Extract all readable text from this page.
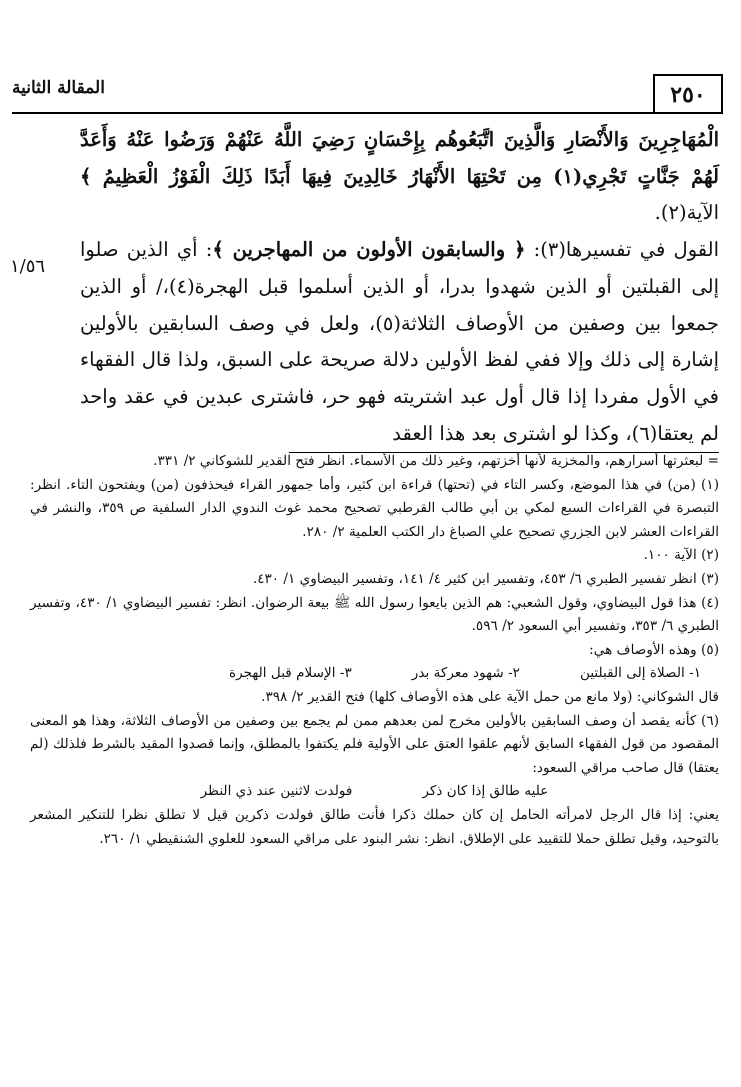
٢٥٠
المقالة الثانية
١/٥٦

الْمُهَاجِرِينَ وَالأَنْصَارِ وَالَّذِينَ اتَّبَعُوهُم بِإِحْسَانٍ رَضِيَ اللَّهُ عَنْهُمْ وَرَضُوا عَنْهُ وَأَعَدَّ لَهُمْ جَنَّاتٍ تَجْرِي(١) مِن تَحْتِهَا الأَنْهَارُ خَالِدِينَ فِيهَا أَبَدًا ذَلِكَ الْفَوْزُ الْعَظِيمُ ﴾ الآية(٢).

القول في تفسيرها(٣): ﴿ والسابقون الأولون من المهاجرين ﴾: أي الذين صلوا إلى القبلتين أو الذين شهدوا بدرا، أو الذين أسلموا قبل الهجرة(٤)،/ أو الذين جمعوا بين وصفين من الأوصاف الثلاثة(٥)، ولعل في وصف السابقين بالأولين إشارة إلى ذلك وإلا ففي لفظ الأولين دلالة صريحة على السبق، ولذا قال الفقهاء في الأول مفردا إذا قال أول عبد اشتريته فهو حر، فاشترى عبدين في عقد واحد لم يعتقا(٦)، وكذا لو اشترى بعد هذا العقد

= لبعثرتها أسرارهم، والمخزية لأنها أخزتهم، وغير ذلك من الأسماء. انظر فتح القدير للشوكاني ٢/ ٣٣١.

(١) (من) في هذا الموضع، وكسر التاء في (تحتها) قراءة ابن كثير، وأما جمهور القراء فيحذفون (من) ويفتحون التاء. انظر: التبصرة في القراءات السبع لمكي بن أبي طالب القرطبي تصحيح محمد غوث الندوي الدار السلفية ص ٣٥٩، والنشر في القراءات العشر لابن الجزري تصحيح علي الصباغ دار الكتب العلمية ٢/ ٢٨٠.

(٢) الآية ١٠٠.

(٣) انظر تفسير الطبري ٦/ ٤٥٣، وتفسير ابن كثير ٤/ ١٤١، وتفسير البيضاوي ١/ ٤٣٠.

(٤) هذا قول البيضاوي، وقول الشعبي: هم الذين بايعوا رسول الله ﷺ بيعة الرضوان. انظر: تفسير البيضاوي ١/ ٤٣٠، وتفسير الطبري ٦/ ٣٥٣، وتفسير أبي السعود ٢/ ٥٩٦.

(٥) وهذه الأوصاف هي:

١- الصلاة إلى القبلتين
٢- شهود معركة بدر
٣- الإسلام قبل الهجرة

قال الشوكاني: (ولا مانع من حمل الآية على هذه الأوصاف كلها) فتح القدير ٢/ ٣٩٨.

(٦) كأنه يقصد أن وصف السابقين بالأولين مخرج لمن بعدهم ممن لم يجمع بين وصفين من الأوصاف الثلاثة، وهذا هو المعنى المقصود من قول الفقهاء السابق لأنهم علقوا العتق على الأولية فلم يكتفوا بالمطلق، وإنما قصدوا المقيد بالشرط فلذلك (لم يعتقا) قال صاحب مراقي السعود:

عليه طالق إذا كان ذكر
فولدت لاثنين عند ذي النظر

يعني: إذا قال الرجل لامرأته الحامل إن كان حملك ذكرا فأنت طالق فولدت ذكرين قيل لا تطلق نظرا للتنكير المشعر بالتوحيد، وقيل تطلق حملا للتقييد على الإطلاق. انظر: نشر البنود على مراقي السعود للعلوي الشنقيطي ١/ ٢٦٠.
